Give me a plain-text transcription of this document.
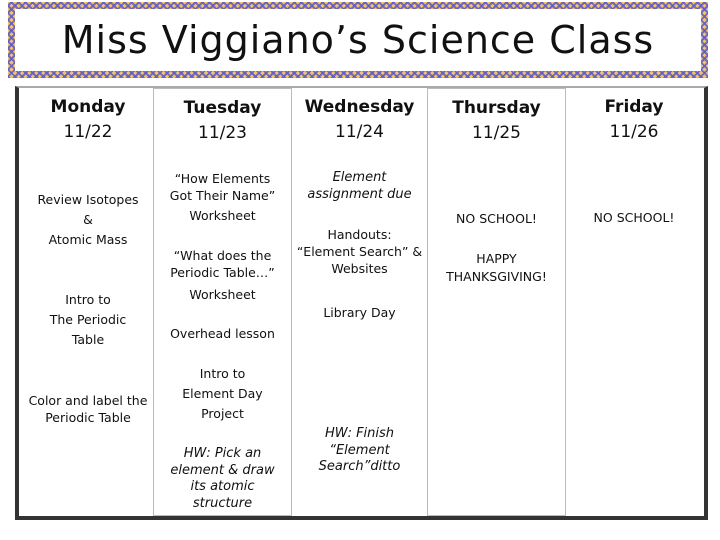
Miss Viggiano’s Science Class
Monday
11/22
Review Isotopes
&
Atomic Mass
Intro to
The Periodic
Table
Color and label the
Periodic Table
Tuesday
11/23
“How Elements
Got Their Name”
Worksheet
“What does the
Periodic Table…”
Worksheet
Overhead lesson
Intro to
Element Day
Project
HW: Pick an
element & draw
its atomic
structure
Wednesday
11/24
Element
assignment due
Handouts:
“Element Search” &
Websites
Library Day
HW: Finish
“Element
Search”ditto
Thursday
11/25
NO SCHOOL!
HAPPY
THANKSGIVING!
Friday
11/26
NO SCHOOL!
